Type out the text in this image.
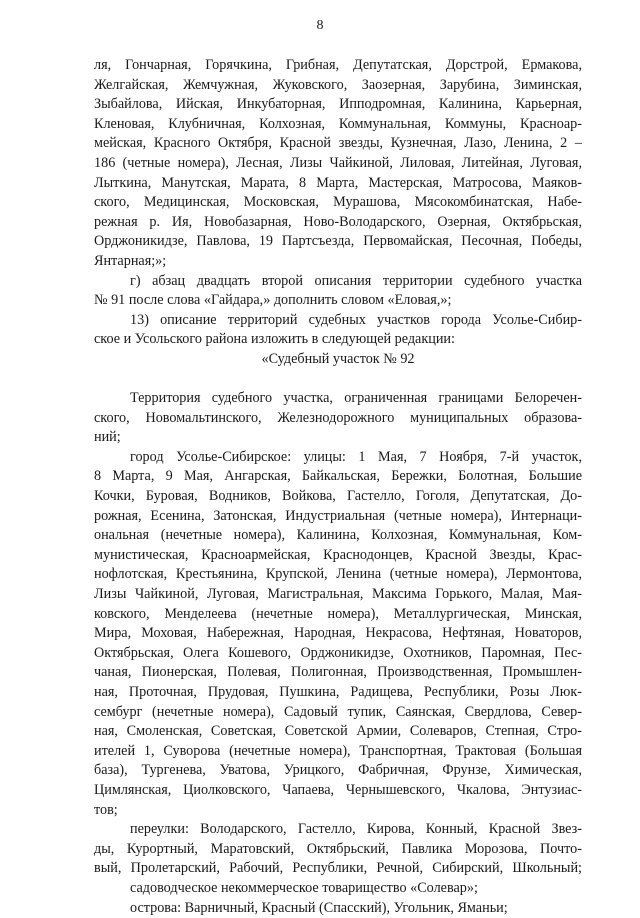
8
ля, Гончарная, Горячкина, Грибная, Депутатская, Дорстрой, Ермакова,
Желгайская, Жемчужная, Жуковского, Заозерная, Зарубина, Зиминская,
Зыбайлова, Ийская, Инкубаторная, Ипподромная, Калинина, Карьерная,
Кленовая, Клубничная, Колхозная, Коммунальная, Коммуны, Красноар-
мейская, Красного Октября, Красной звезды, Кузнечная, Лазо, Ленина, 2 –
186 (четные номера), Лесная, Лизы Чайкиной, Лиловая, Литейная, Луговая,
Лыткина, Манутская, Марата, 8 Марта, Мастерская, Матросова, Маяков-
ского, Медицинская, Московская, Мурашова, Мясокомбинатская, Набе-
режная р. Ия, Новобазарная, Ново-Володарского, Озерная, Октябрьская,
Орджоникидзе, Павлова, 19 Партсъезда, Первомайская, Песочная, Победы,
Янтарная;»;
г) абзац двадцать второй описания территории судебного участка
№ 91 после слова «Гайдара,» дополнить словом «Еловая,»;
13) описание территорий судебных участков города Усолье-Сибир-
ское и Усольского района изложить в следующей редакции:
«Судебный участок № 92
Территория судебного участка, ограниченная границами Белоречен-
ского, Новомальтинского, Железнодорожного муниципальных образова-
ний;
город Усолье-Сибирское: улицы: 1 Мая, 7 Ноября, 7-й участок,
8 Марта, 9 Мая, Ангарская, Байкальская, Бережки, Болотная, Большие
Кочки, Буровая, Водников, Войкова, Гастелло, Гоголя, Депутатская, До-
рожная, Есенина, Затонская, Индустриальная (четные номера), Интернаци-
ональная (нечетные номера), Калинина, Колхозная, Коммунальная, Ком-
мунистическая, Красноармейская, Краснодонцев, Красной Звезды, Крас-
нофлотская, Крестьянина, Крупской, Ленина (четные номера), Лермонтова,
Лизы Чайкиной, Луговая, Магистральная, Максима Горького, Малая, Мая-
ковского, Менделеева (нечетные номера), Металлургическая, Минская,
Мира, Моховая, Набережная, Народная, Некрасова, Нефтяная, Новаторов,
Октябрьская, Олега Кошевого, Орджоникидзе, Охотников, Паромная, Пес-
чаная, Пионерская, Полевая, Полигонная, Производственная, Промышлен-
ная, Проточная, Прудовая, Пушкина, Радищева, Республики, Розы Люк-
сембург (нечетные номера), Садовый тупик, Саянская, Свердлова, Север-
ная, Смоленская, Советская, Советской Армии, Солеваров, Степная, Стро-
ителей 1, Суворова (нечетные номера), Транспортная, Трактовая (Большая
база), Тургенева, Уватова, Урицкого, Фабричная, Фрунзе, Химическая,
Цимлянская, Циолковского, Чапаева, Чернышевского, Чкалова, Энтузиас-
тов;
переулки: Володарского, Гастелло, Кирова, Конный, Красной Звез-
ды, Курортный, Маратовский, Октябрьский, Павлика Морозова, Почто-
вый, Пролетарский, Рабочий, Республики, Речной, Сибирский, Школьный;
садоводческое некоммерческое товарищество «Солевар»;
острова: Варничный, Красный (Спасский), Угольник, Яманьи;
